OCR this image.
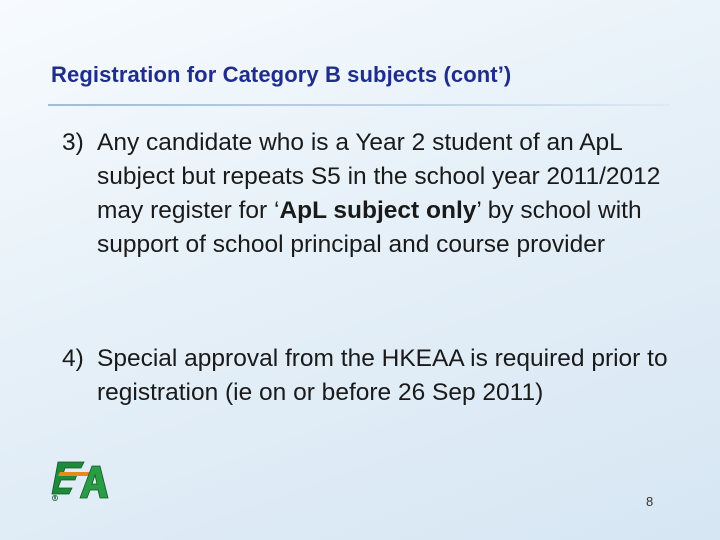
Registration for Category B subjects (cont’)
3) Any candidate who is a Year 2 student of an ApL subject but repeats S5 in the school year 2011/2012 may register for ‘ApL subject only’ by school with support of school principal and course provider
4) Special approval from the HKEAA is required prior to registration (ie on or before 26 Sep 2011)
8
